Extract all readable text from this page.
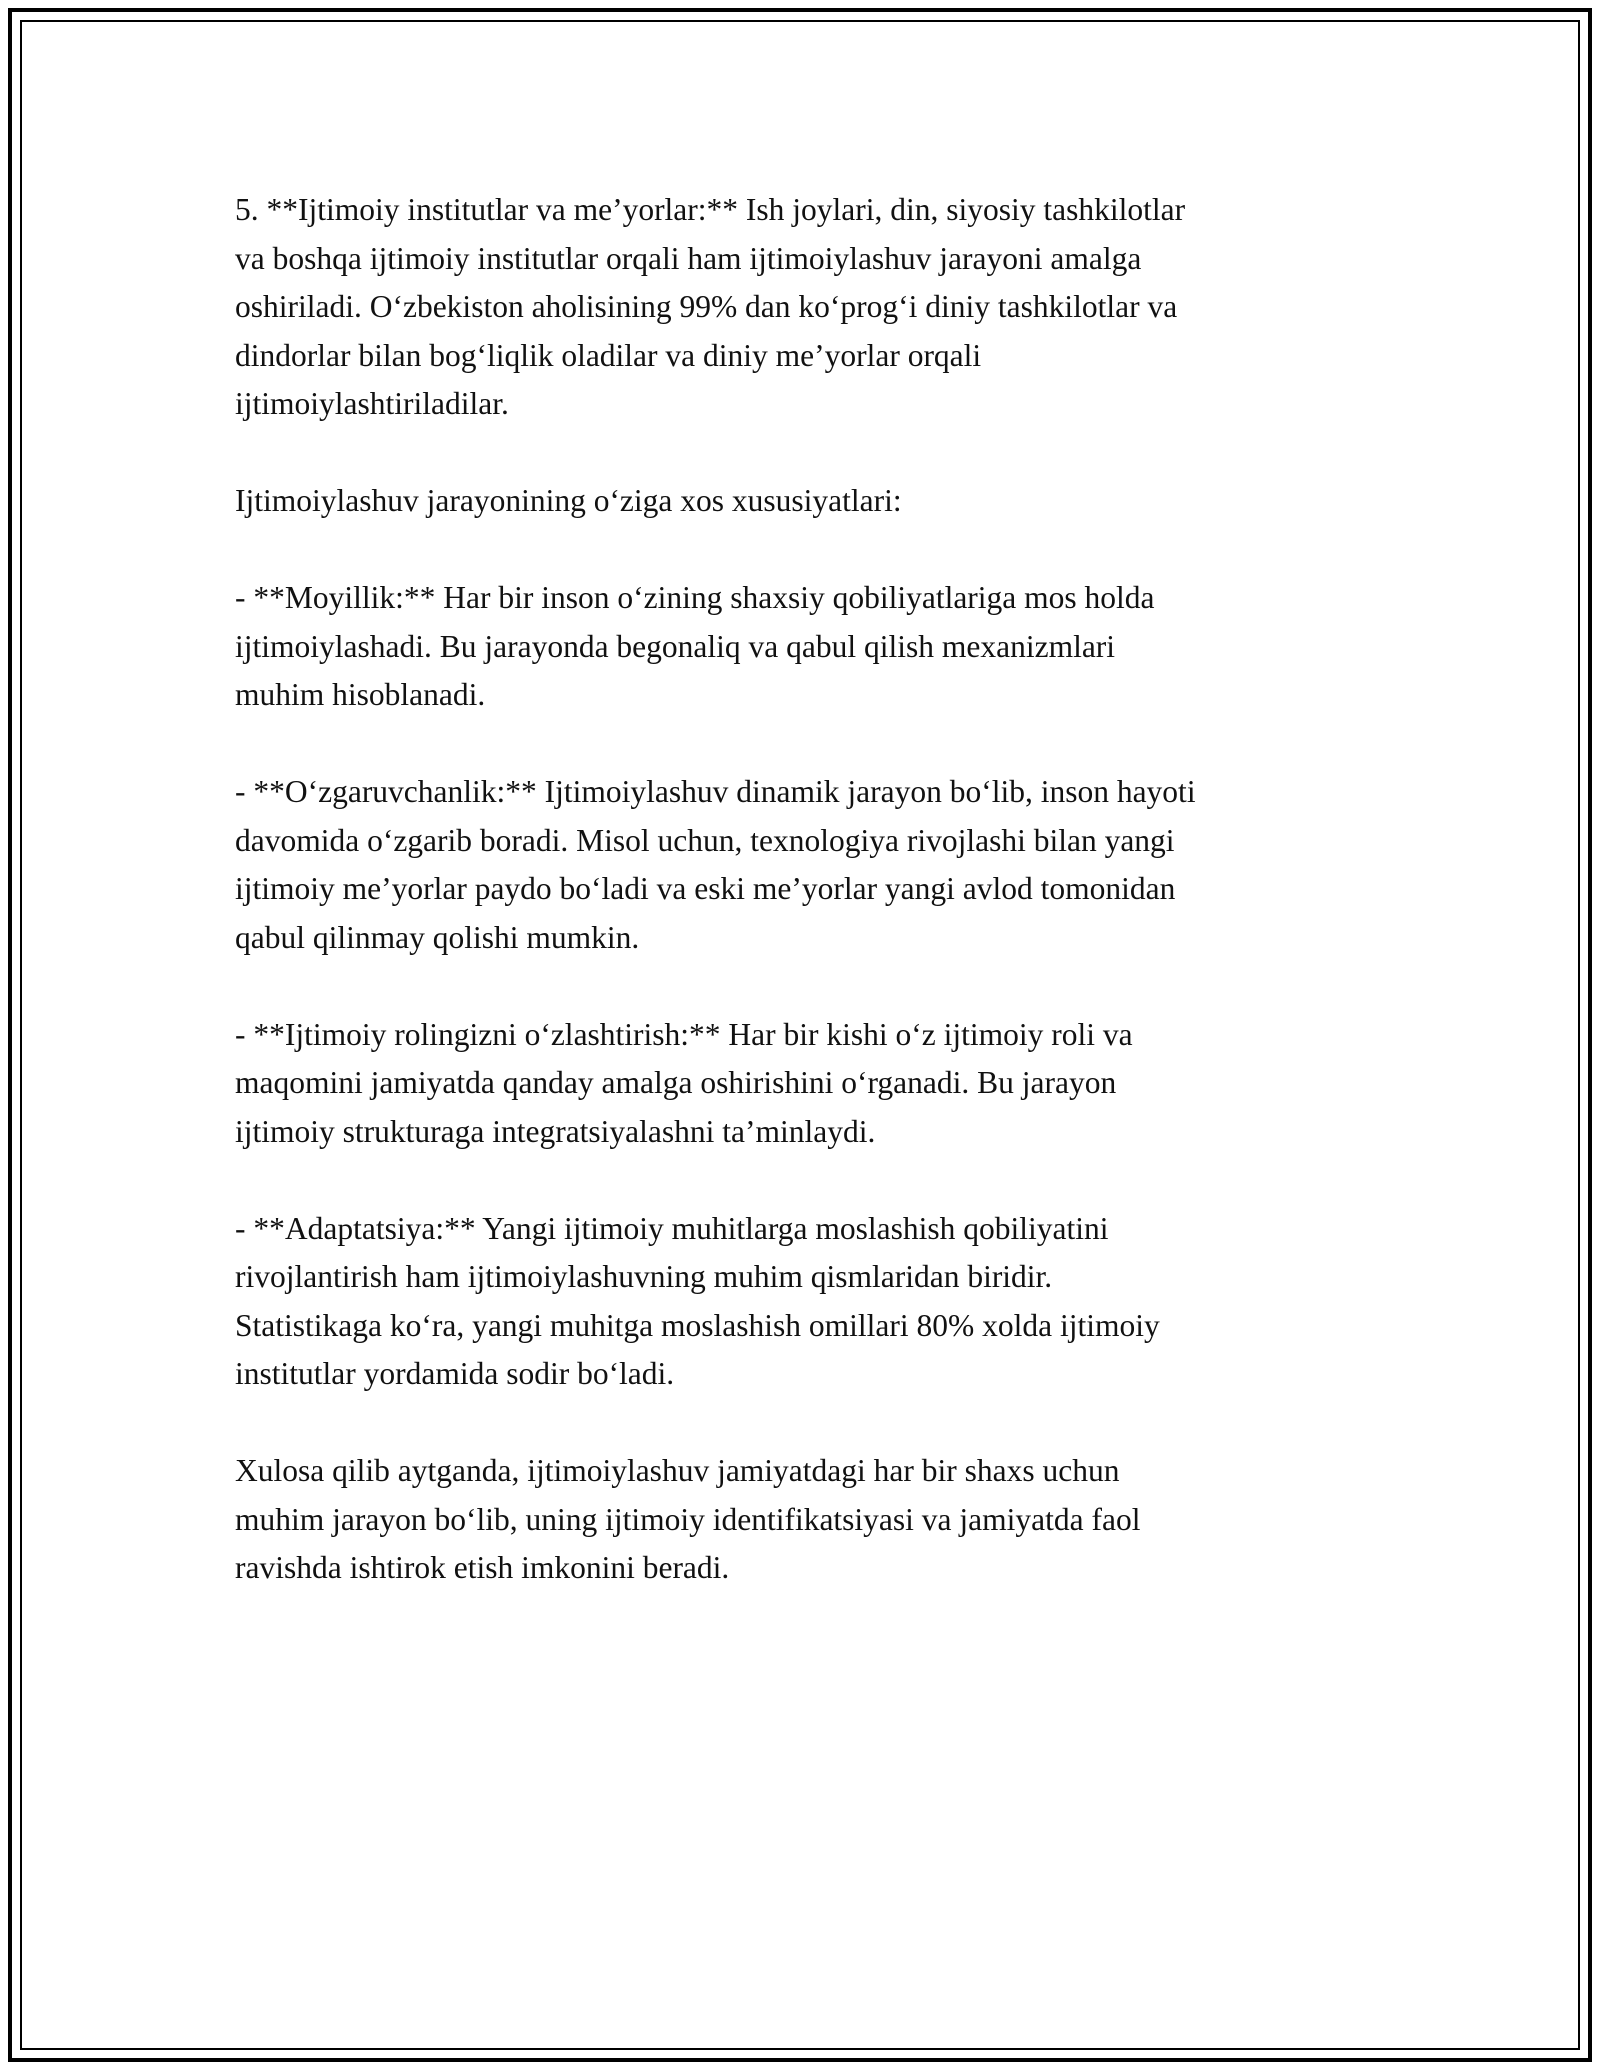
5. **Ijtimoiy institutlar va me’yorlar:** Ish joylari, din, siyosiy tashkilotlar
va boshqa ijtimoiy institutlar orqali ham ijtimoiylashuv jarayoni amalga
oshiriladi. O‘zbekiston aholisining 99% dan ko‘prog‘i diniy tashkilotlar va
dindorlar bilan bog‘liqlik oladilar va diniy me’yorlar orqali
ijtimoiylashtiriladilar.

Ijtimoiylashuv jarayonining o‘ziga xos xususiyatlari:

- **Moyillik:** Har bir inson o‘zining shaxsiy qobiliyatlariga mos holda
ijtimoiylashadi. Bu jarayonda begonaliq va qabul qilish mexanizmlari
muhim hisoblanadi.

- **O‘zgaruvchanlik:** Ijtimoiylashuv dinamik jarayon bo‘lib, inson hayoti
davomida o‘zgarib boradi. Misol uchun, texnologiya rivojlashi bilan yangi
ijtimoiy me’yorlar paydo bo‘ladi va eski me’yorlar yangi avlod tomonidan
qabul qilinmay qolishi mumkin.

- **Ijtimoiy rolingizni o‘zlashtirish:** Har bir kishi o‘z ijtimoiy roli va
maqomini jamiyatda qanday amalga oshirishini o‘rganadi. Bu jarayon
ijtimoiy strukturaga integratsiyalashni ta’minlaydi.

- **Adaptatsiya:** Yangi ijtimoiy muhitlarga moslashish qobiliyatini
rivojlantirish ham ijtimoiylashuvning muhim qismlaridan biridir.
Statistikaga ko‘ra, yangi muhitga moslashish omillari 80% xolda ijtimoiy
institutlar yordamida sodir bo‘ladi.

Xulosa qilib aytganda, ijtimoiylashuv jamiyatdagi har bir shaxs uchun
muhim jarayon bo‘lib, uning ijtimoiy identifikatsiyasi va jamiyatda faol
ravishda ishtirok etish imkonini beradi.
